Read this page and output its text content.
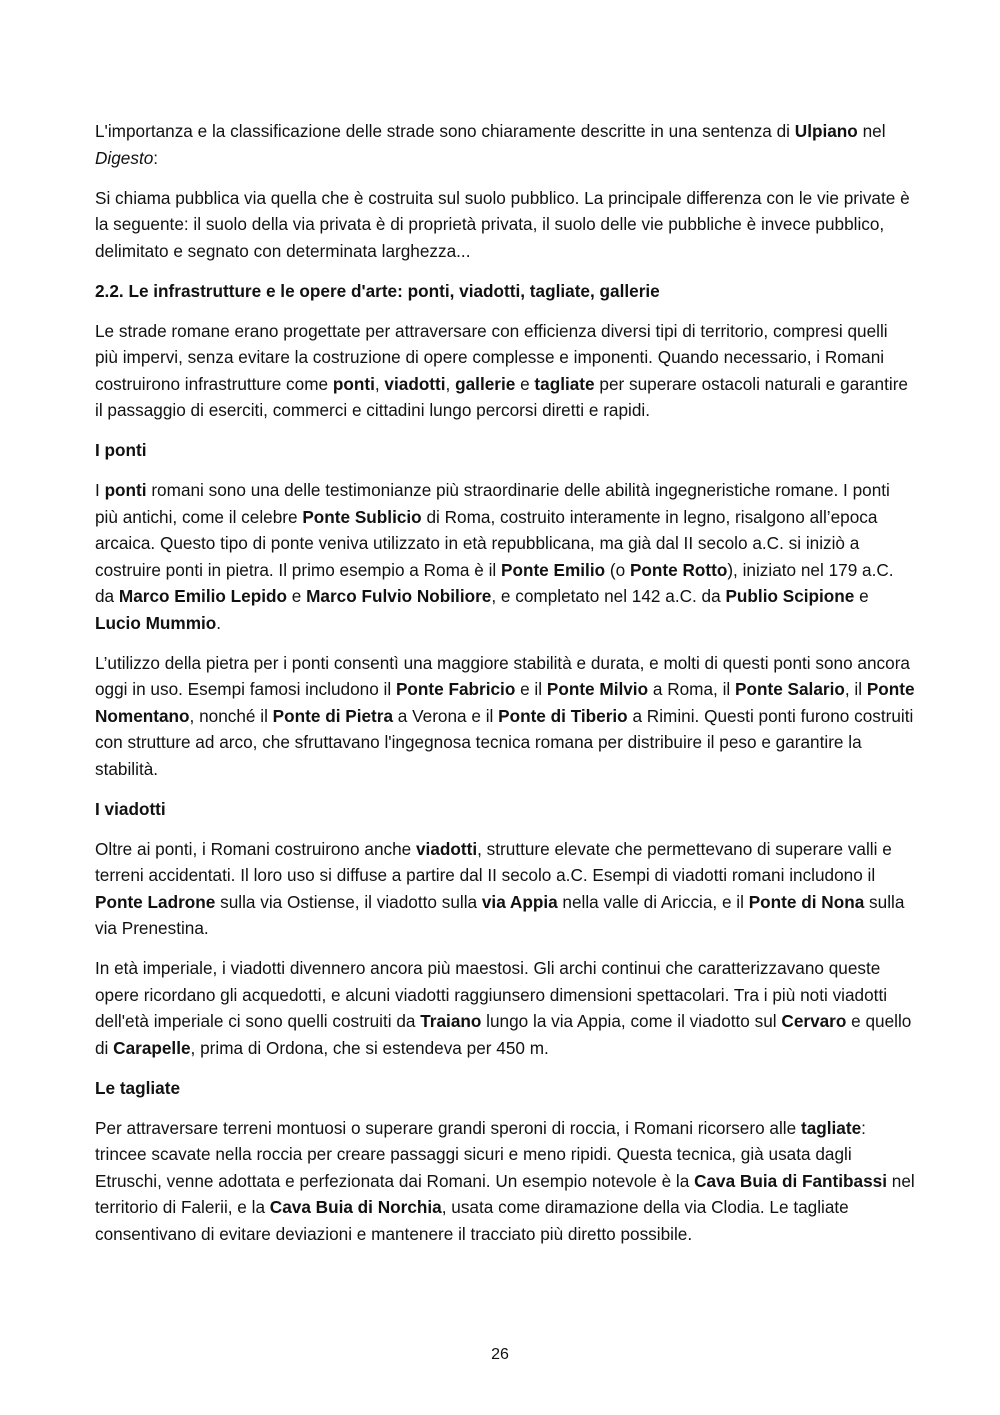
L'importanza e la classificazione delle strade sono chiaramente descritte in una sentenza di Ulpiano nel Digesto:

Si chiama pubblica via quella che è costruita sul suolo pubblico. La principale differenza con le vie private è la seguente: il suolo della via privata è di proprietà privata, il suolo delle vie pubbliche è invece pubblico, delimitato e segnato con determinata larghezza...

2.2. Le infrastrutture e le opere d'arte: ponti, viadotti, tagliate, gallerie

Le strade romane erano progettate per attraversare con efficienza diversi tipi di territorio, compresi quelli più impervi, senza evitare la costruzione di opere complesse e imponenti. Quando necessario, i Romani costruirono infrastrutture come ponti, viadotti, gallerie e tagliate per superare ostacoli naturali e garantire il passaggio di eserciti, commerci e cittadini lungo percorsi diretti e rapidi.

I ponti

I ponti romani sono una delle testimonianze più straordinarie delle abilità ingegneristiche romane. I ponti più antichi, come il celebre Ponte Sublicio di Roma, costruito interamente in legno, risalgono all’epoca arcaica. Questo tipo di ponte veniva utilizzato in età repubblicana, ma già dal II secolo a.C. si iniziò a costruire ponti in pietra. Il primo esempio a Roma è il Ponte Emilio (o Ponte Rotto), iniziato nel 179 a.C. da Marco Emilio Lepido e Marco Fulvio Nobiliore, e completato nel 142 a.C. da Publio Scipione e Lucio Mummio.

L’utilizzo della pietra per i ponti consentì una maggiore stabilità e durata, e molti di questi ponti sono ancora oggi in uso. Esempi famosi includono il Ponte Fabricio e il Ponte Milvio a Roma, il Ponte Salario, il Ponte Nomentano, nonché il Ponte di Pietra a Verona e il Ponte di Tiberio a Rimini. Questi ponti furono costruiti con strutture ad arco, che sfruttavano l'ingegnosa tecnica romana per distribuire il peso e garantire la stabilità.

I viadotti

Oltre ai ponti, i Romani costruirono anche viadotti, strutture elevate che permettevano di superare valli e terreni accidentati. Il loro uso si diffuse a partire dal II secolo a.C. Esempi di viadotti romani includono il Ponte Ladrone sulla via Ostiense, il viadotto sulla via Appia nella valle di Ariccia, e il Ponte di Nona sulla via Prenestina.

In età imperiale, i viadotti divennero ancora più maestosi. Gli archi continui che caratterizzavano queste opere ricordano gli acquedotti, e alcuni viadotti raggiunsero dimensioni spettacolari. Tra i più noti viadotti dell'età imperiale ci sono quelli costruiti da Traiano lungo la via Appia, come il viadotto sul Cervaro e quello di Carapelle, prima di Ordona, che si estendeva per 450 m.

Le tagliate

Per attraversare terreni montuosi o superare grandi speroni di roccia, i Romani ricorsero alle tagliate: trincee scavate nella roccia per creare passaggi sicuri e meno ripidi. Questa tecnica, già usata dagli Etruschi, venne adottata e perfezionata dai Romani. Un esempio notevole è la Cava Buia di Fantibassi nel territorio di Falerii, e la Cava Buia di Norchia, usata come diramazione della via Clodia. Le tagliate consentivano di evitare deviazioni e mantenere il tracciato più diretto possibile.

26
